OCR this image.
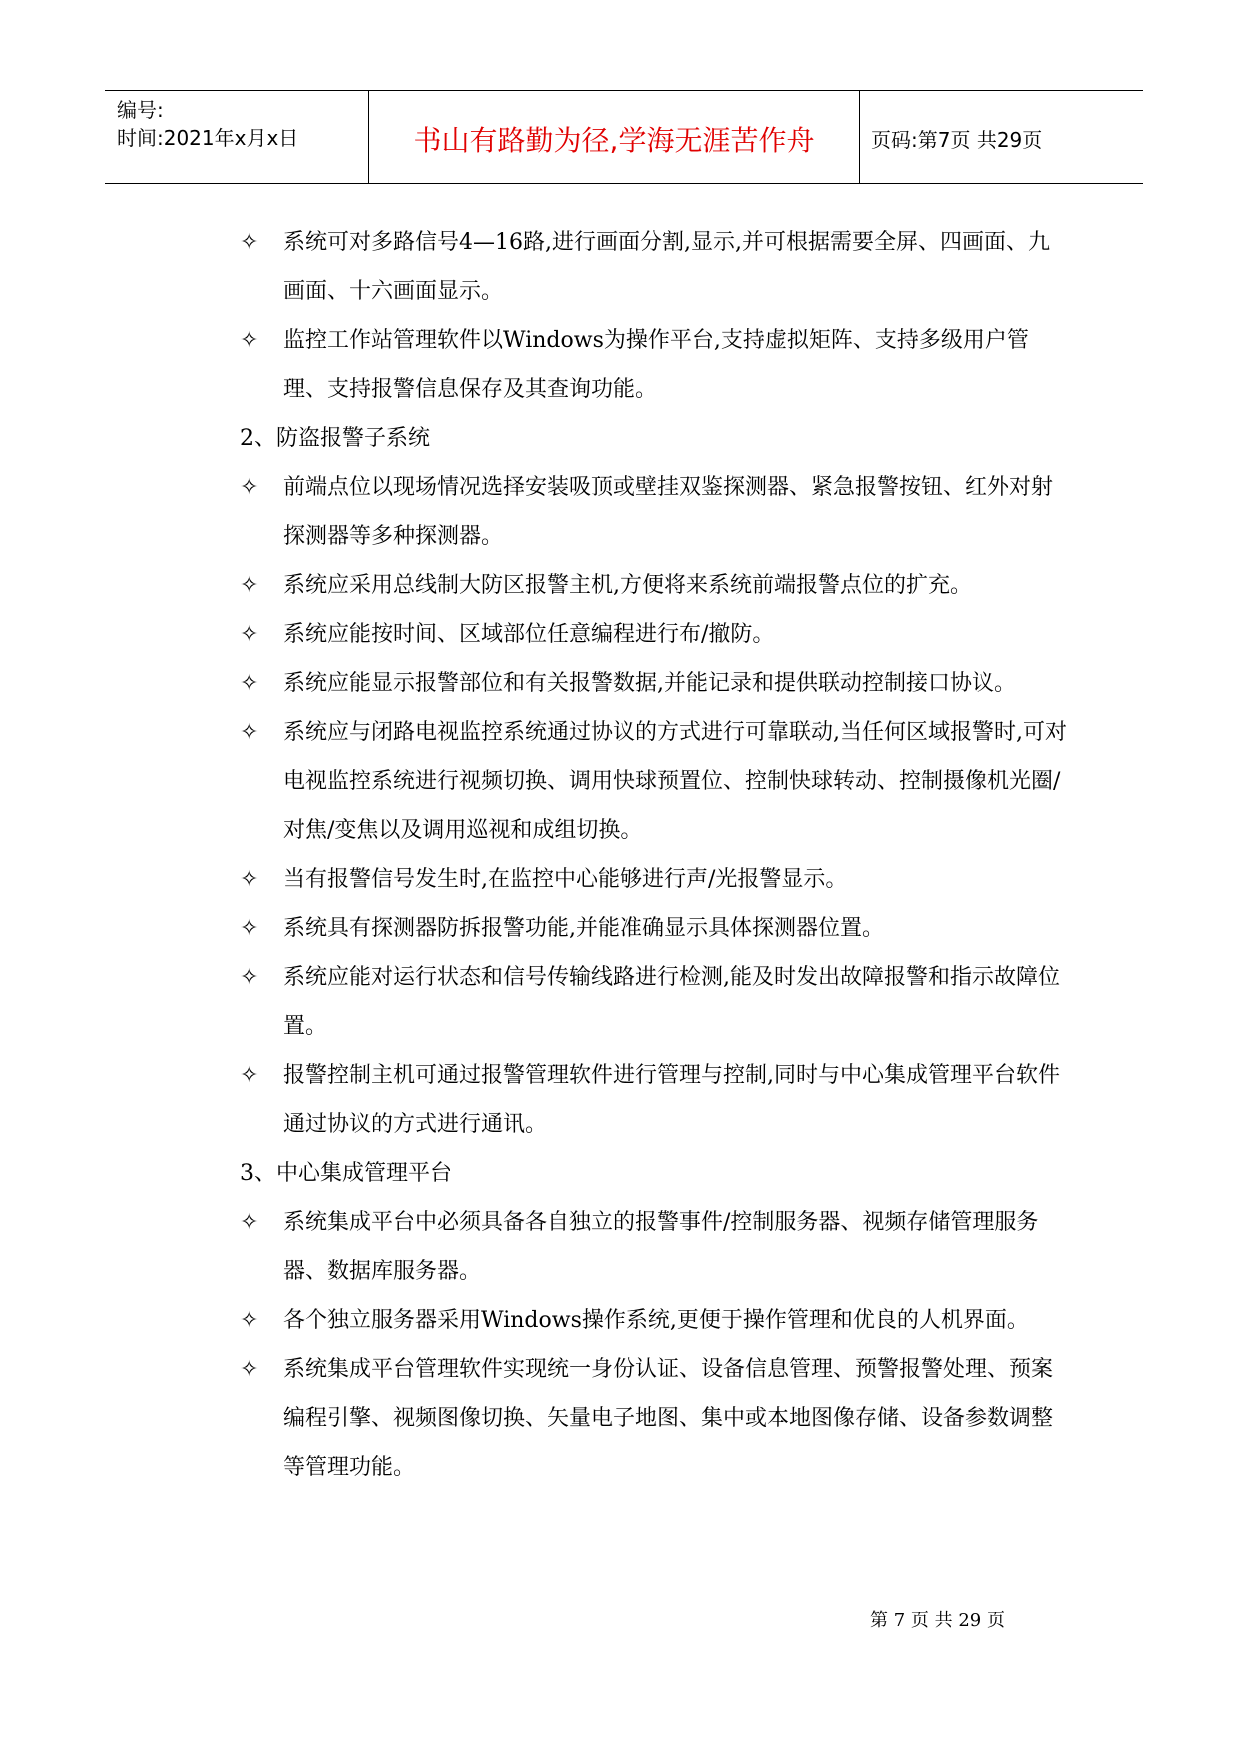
编号:
时间:2021年x月x日	书山有路勤为径,学海无涯苦作舟	页码:第7页 共29页

✧ 系统可对多路信号4—16路,进行画面分割,显示,并可根据需要全屏、四画面、九画面、十六画面显示。

✧ 监控工作站管理软件以Windows为操作平台,支持虚拟矩阵、支持多级用户管理、支持报警信息保存及其查询功能。

2、防盗报警子系统

✧ 前端点位以现场情况选择安装吸顶或壁挂双鉴探测器、紧急报警按钮、红外对射探测器等多种探测器。

✧ 系统应采用总线制大防区报警主机,方便将来系统前端报警点位的扩充。

✧ 系统应能按时间、区域部位任意编程进行布/撤防。

✧ 系统应能显示报警部位和有关报警数据,并能记录和提供联动控制接口协议。

✧ 系统应与闭路电视监控系统通过协议的方式进行可靠联动,当任何区域报警时,可对电视监控系统进行视频切换、调用快球预置位、控制快球转动、控制摄像机光圈/对焦/变焦以及调用巡视和成组切换。

✧ 当有报警信号发生时,在监控中心能够进行声/光报警显示。

✧ 系统具有探测器防拆报警功能,并能准确显示具体探测器位置。

✧ 系统应能对运行状态和信号传输线路进行检测,能及时发出故障报警和指示故障位置。

✧ 报警控制主机可通过报警管理软件进行管理与控制,同时与中心集成管理平台软件通过协议的方式进行通讯。

3、中心集成管理平台

✧ 系统集成平台中必须具备各自独立的报警事件/控制服务器、视频存储管理服务器、数据库服务器。

✧ 各个独立服务器采用Windows操作系统,更便于操作管理和优良的人机界面。

✧ 系统集成平台管理软件实现统一身份认证、设备信息管理、预警报警处理、预案编程引擎、视频图像切换、矢量电子地图、集中或本地图像存储、设备参数调整等管理功能。

第 7 页 共 29 页
